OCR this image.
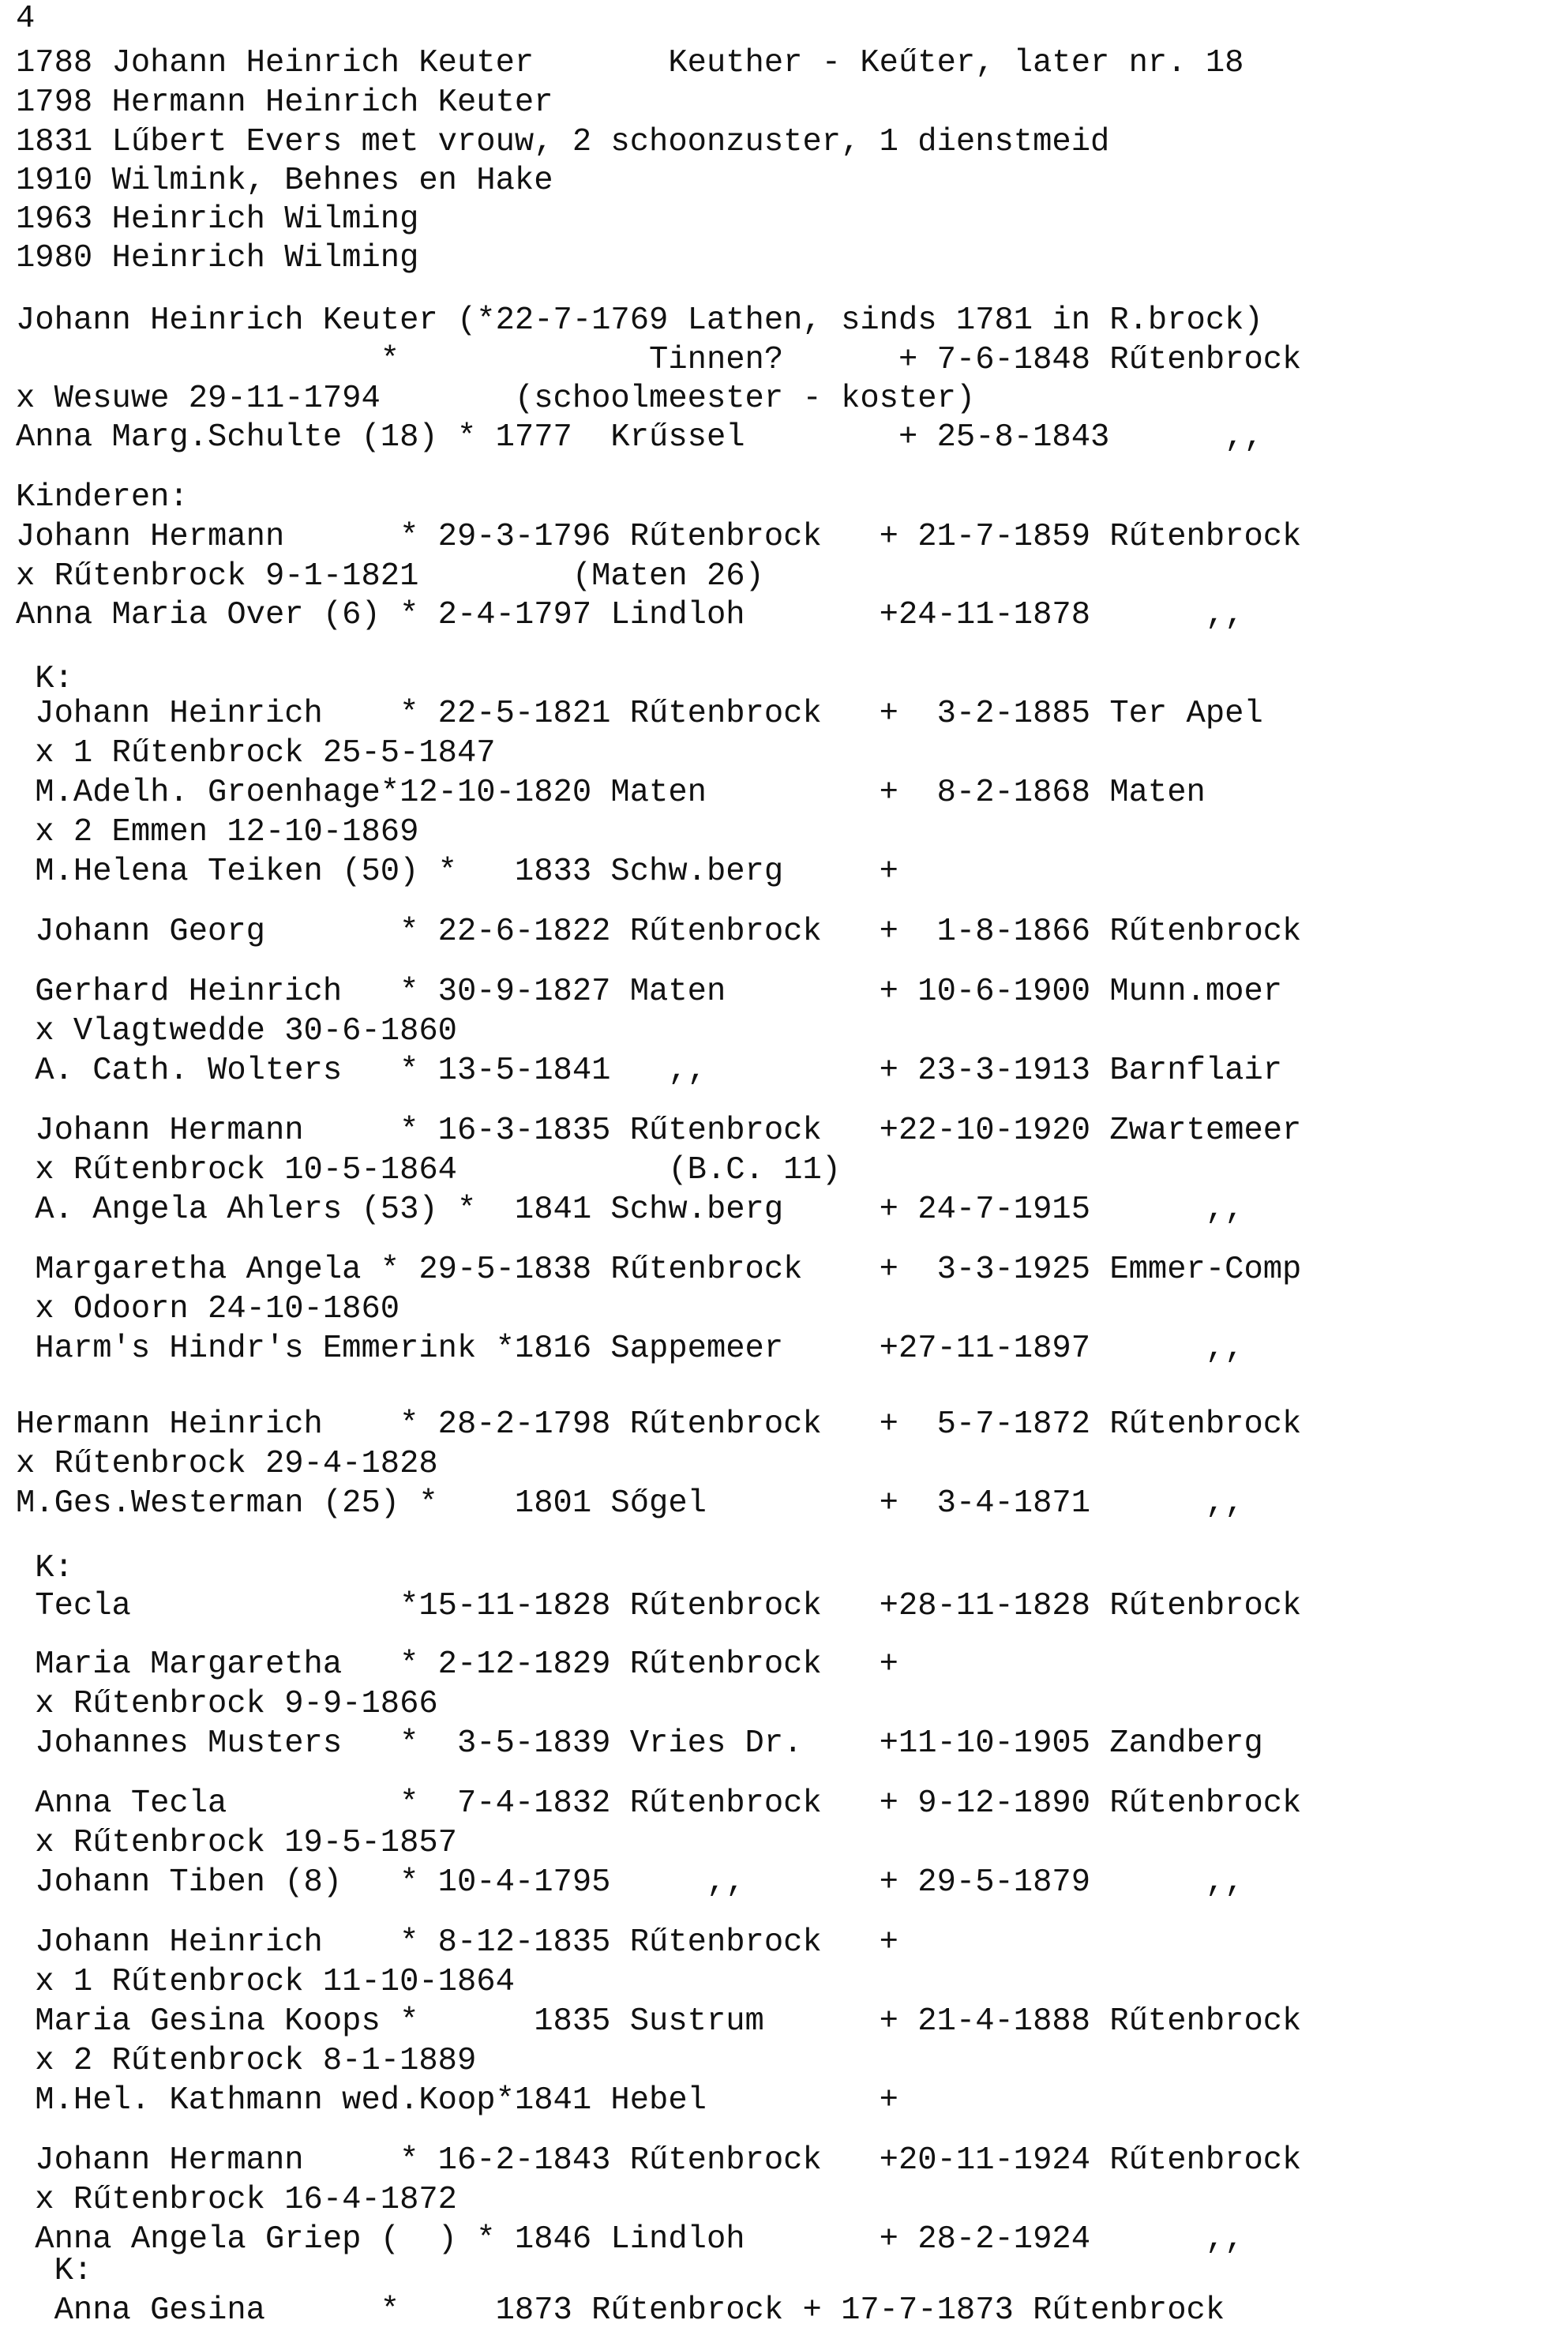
4
1788 Johann Heinrich Keuter       Keuther - Keűter, later nr. 18
1798 Hermann Heinrich Keuter
1831 Lűbert Evers met vrouw, 2 schoonzuster, 1 dienstmeid
1910 Wilmink, Behnes en Hake
1963 Heinrich Wilming
1980 Heinrich Wilming
Johann Heinrich Keuter (*22-7-1769 Lathen, sinds 1781 in R.brock)
*             Tinnen?      + 7-6-1848 Rűtenbrock
x Wesuwe 29-11-1794       (schoolmeester - koster)
Anna Marg.Schulte (18) * 1777  Krűssel        + 25-8-1843      ,,
Kinderen:
Johann Hermann      * 29-3-1796 Rűtenbrock   + 21-7-1859 Rűtenbrock
x Rűtenbrock 9-1-1821        (Maten 26)
Anna Maria Over (6) * 2-4-1797 Lindloh       +24-11-1878      ,,
K:
Johann Heinrich    * 22-5-1821 Rűtenbrock   +  3-2-1885 Ter Apel
x 1 Rűtenbrock 25-5-1847
M.Adelh. Groenhage*12-10-1820 Maten         +  8-2-1868 Maten
x 2 Emmen 12-10-1869
M.Helena Teiken (50) *   1833 Schw.berg     +
Johann Georg       * 22-6-1822 Rűtenbrock   +  1-8-1866 Rűtenbrock
Gerhard Heinrich   * 30-9-1827 Maten        + 10-6-1900 Munn.moer
x Vlagtwedde 30-6-1860
A. Cath. Wolters   * 13-5-1841   ,,         + 23-3-1913 Barnflair
Johann Hermann     * 16-3-1835 Rűtenbrock   +22-10-1920 Zwartemeer
x Rűtenbrock 10-5-1864           (B.C. 11)
A. Angela Ahlers (53) *  1841 Schw.berg     + 24-7-1915      ,,
Margaretha Angela * 29-5-1838 Rűtenbrock    +  3-3-1925 Emmer-Comp
x Odoorn 24-10-1860
Harm's Hindr's Emmerink *1816 Sappemeer     +27-11-1897      ,,
Hermann Heinrich    * 28-2-1798 Rűtenbrock   +  5-7-1872 Rűtenbrock
x Rűtenbrock 29-4-1828
M.Ges.Westerman (25) *    1801 Sőgel         +  3-4-1871      ,,
K:
Tecla              *15-11-1828 Rűtenbrock   +28-11-1828 Rűtenbrock
Maria Margaretha   * 2-12-1829 Rűtenbrock   +
x Rűtenbrock 9-9-1866
Johannes Musters   *  3-5-1839 Vries Dr.    +11-10-1905 Zandberg
Anna Tecla         *  7-4-1832 Rűtenbrock   + 9-12-1890 Rűtenbrock
x Rűtenbrock 19-5-1857
Johann Tiben (8)   * 10-4-1795     ,,       + 29-5-1879      ,,
Johann Heinrich    * 8-12-1835 Rűtenbrock   +
x 1 Rűtenbrock 11-10-1864
Maria Gesina Koops *      1835 Sustrum      + 21-4-1888 Rűtenbrock
x 2 Rűtenbrock 8-1-1889
M.Hel. Kathmann wed.Koop*1841 Hebel         +
Johann Hermann     * 16-2-1843 Rűtenbrock   +20-11-1924 Rűtenbrock
x Rűtenbrock 16-4-1872
Anna Angela Griep (  ) * 1846 Lindloh       + 28-2-1924      ,,
K:
Anna Gesina      *     1873 Rűtenbrock + 17-7-1873 Rűtenbrock
